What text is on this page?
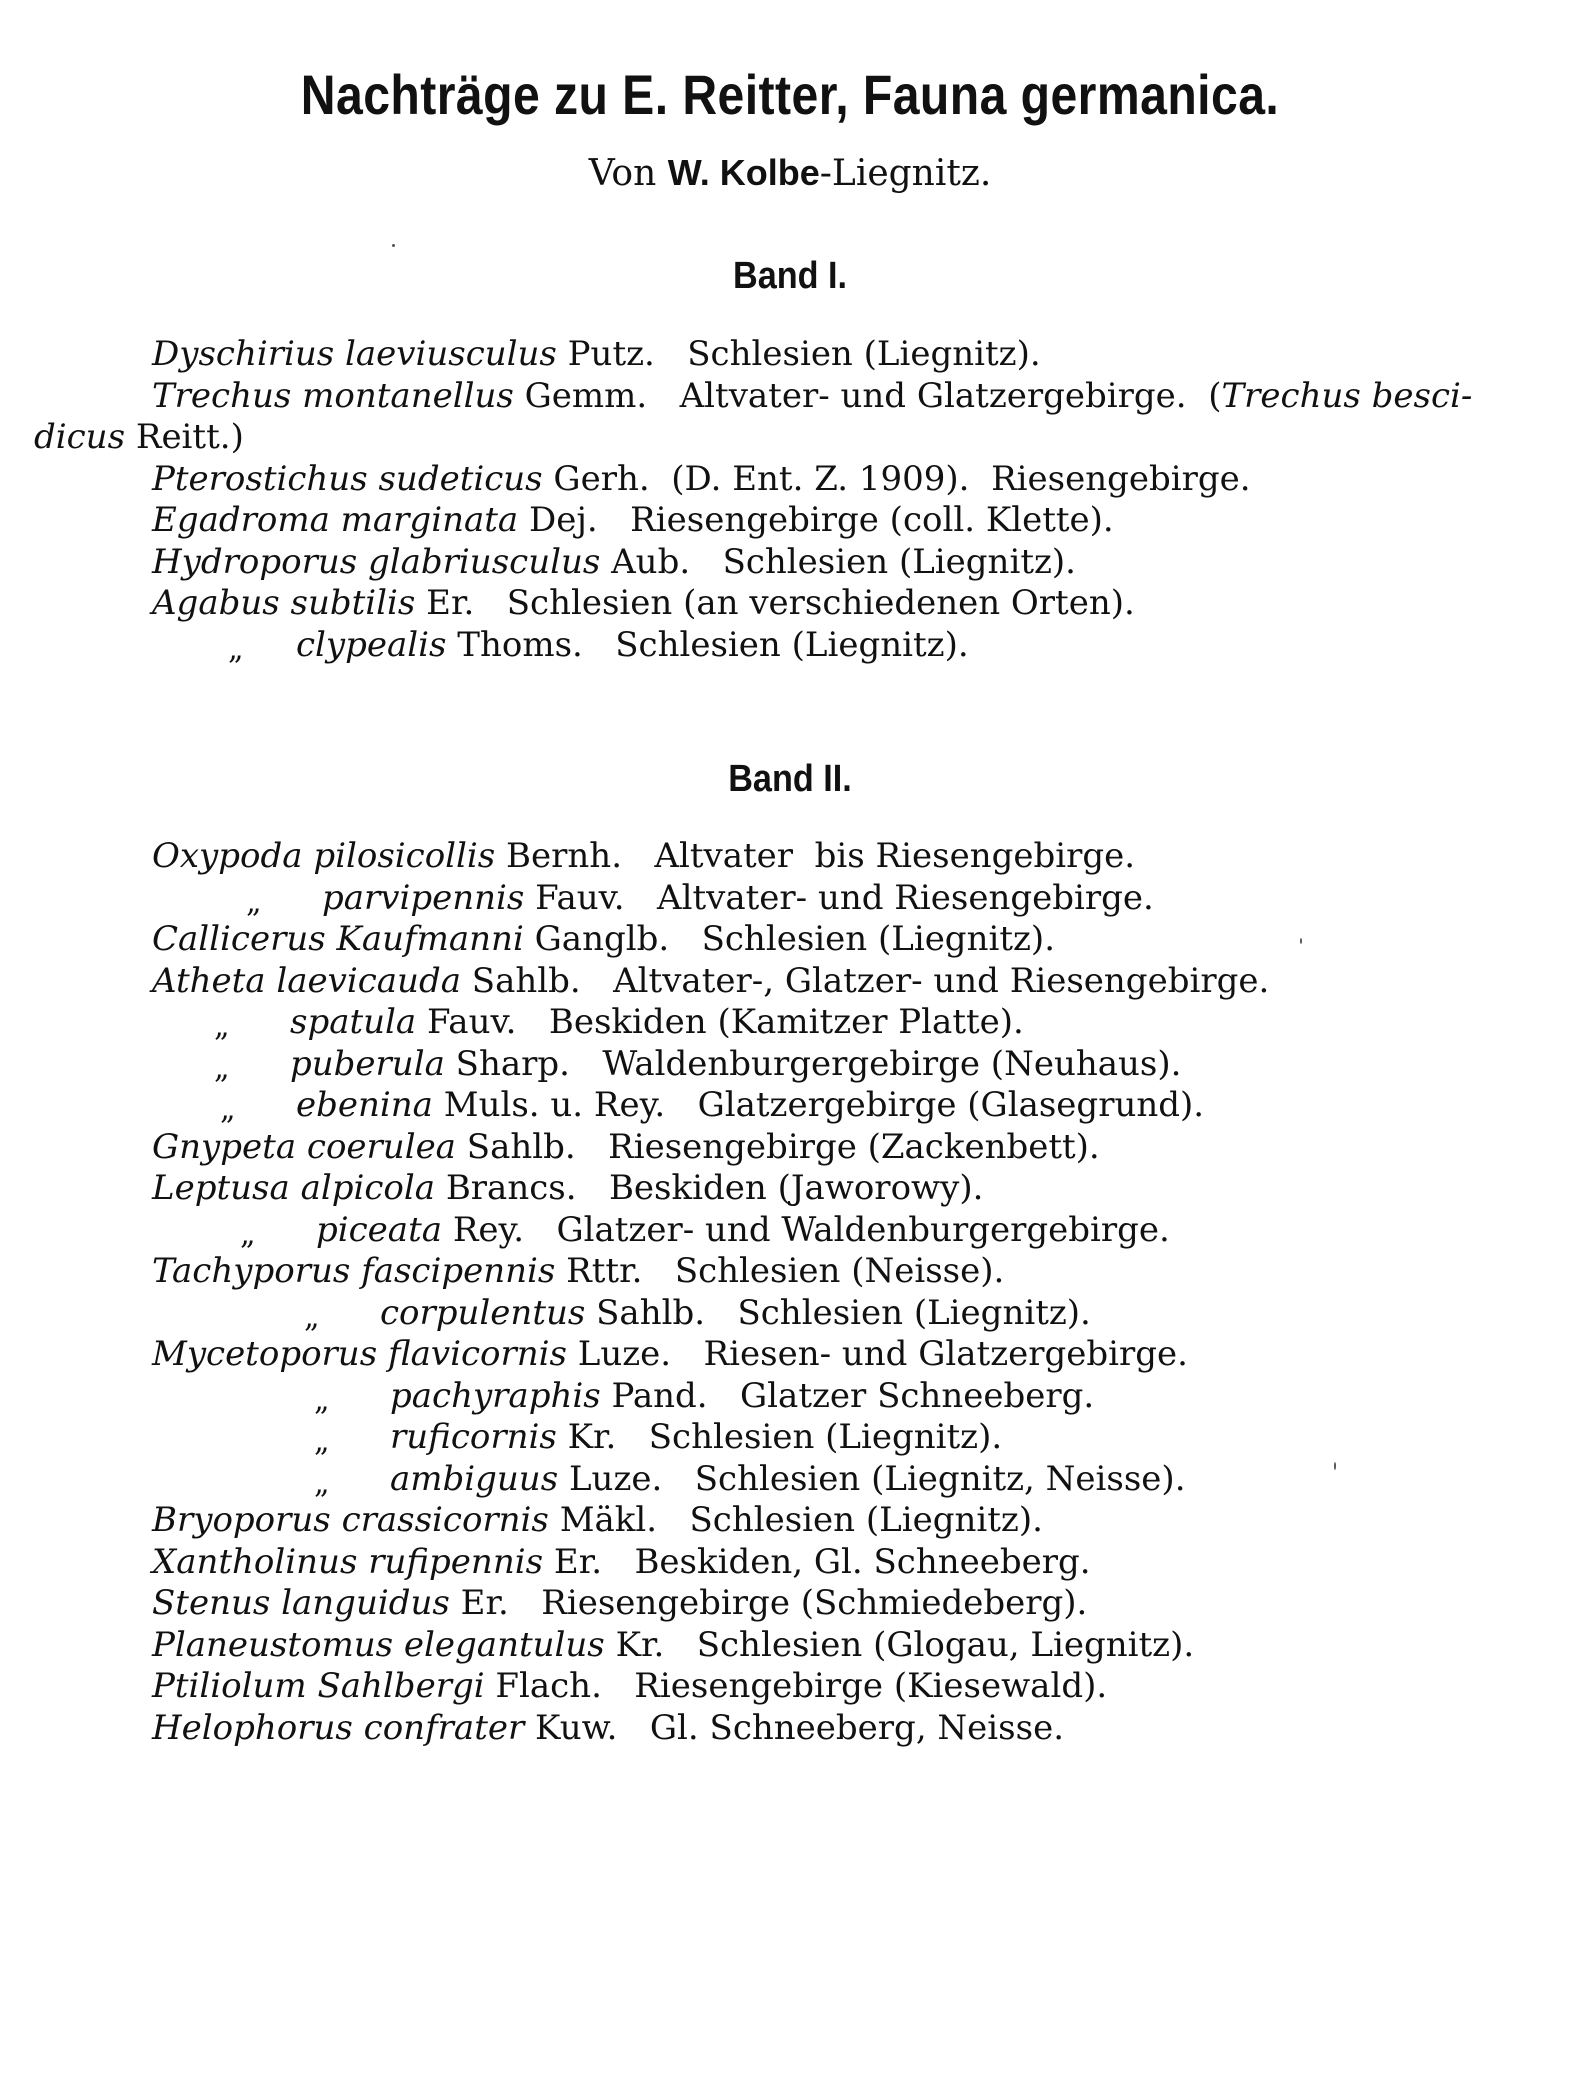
Nachträge zu E. Reitter, Fauna germanica.
Von W. Kolbe-Liegnitz.
Band I.
Dyschirius laeviusculus Putz.   Schlesien (Liegnitz).
Trechus montanellus Gemm.   Altvater- und Glatzergebirge.  (Trechus besci-
dicus Reitt.)
Pterostichus sudeticus Gerh.  (D. Ent. Z. 1909).  Riesengebirge.
Egadroma marginata Dej.   Riesengebirge (coll. Klette).
Hydroporus glabriusculus Aub.   Schlesien (Liegnitz).
Agabus subtilis Er.   Schlesien (an verschiedenen Orten).
„ clypealis Thoms.   Schlesien (Liegnitz).
Band II.
Oxypoda pilosicollis Bernh.   Altvater  bis Riesengebirge.
„ parvipennis Fauv.   Altvater- und Riesengebirge.
Callicerus Kaufmanni Ganglb.   Schlesien (Liegnitz).
Atheta laevicauda Sahlb.   Altvater-, Glatzer- und Riesengebirge.
„ spatula Fauv.   Beskiden (Kamitzer Platte).
„ puberula Sharp.   Waldenburgergebirge (Neuhaus).
„ ebenina Muls. u. Rey.   Glatzergebirge (Glasegrund).
Gnypeta coerulea Sahlb.   Riesengebirge (Zackenbett).
Leptusa alpicola Brancs.   Beskiden (Jaworowy).
„ piceata Rey.   Glatzer- und Waldenburgergebirge.
Tachyporus fascipennis Rttr.   Schlesien (Neisse).
„ corpulentus Sahlb.   Schlesien (Liegnitz).
Mycetoporus flavicornis Luze.   Riesen- und Glatzergebirge.
„ pachyraphis Pand.   Glatzer Schneeberg.
„ ruficornis Kr.   Schlesien (Liegnitz).
„ ambiguus Luze.   Schlesien (Liegnitz, Neisse).
Bryoporus crassicornis Mäkl.   Schlesien (Liegnitz).
Xantholinus rufipennis Er.   Beskiden, Gl. Schneeberg.
Stenus languidus Er.   Riesengebirge (Schmiedeberg).
Planeustomus elegantulus Kr.   Schlesien (Glogau, Liegnitz).
Ptiliolum Sahlbergi Flach.   Riesengebirge (Kiesewald).
Helophorus confrater Kuw.   Gl. Schneeberg, Neisse.
